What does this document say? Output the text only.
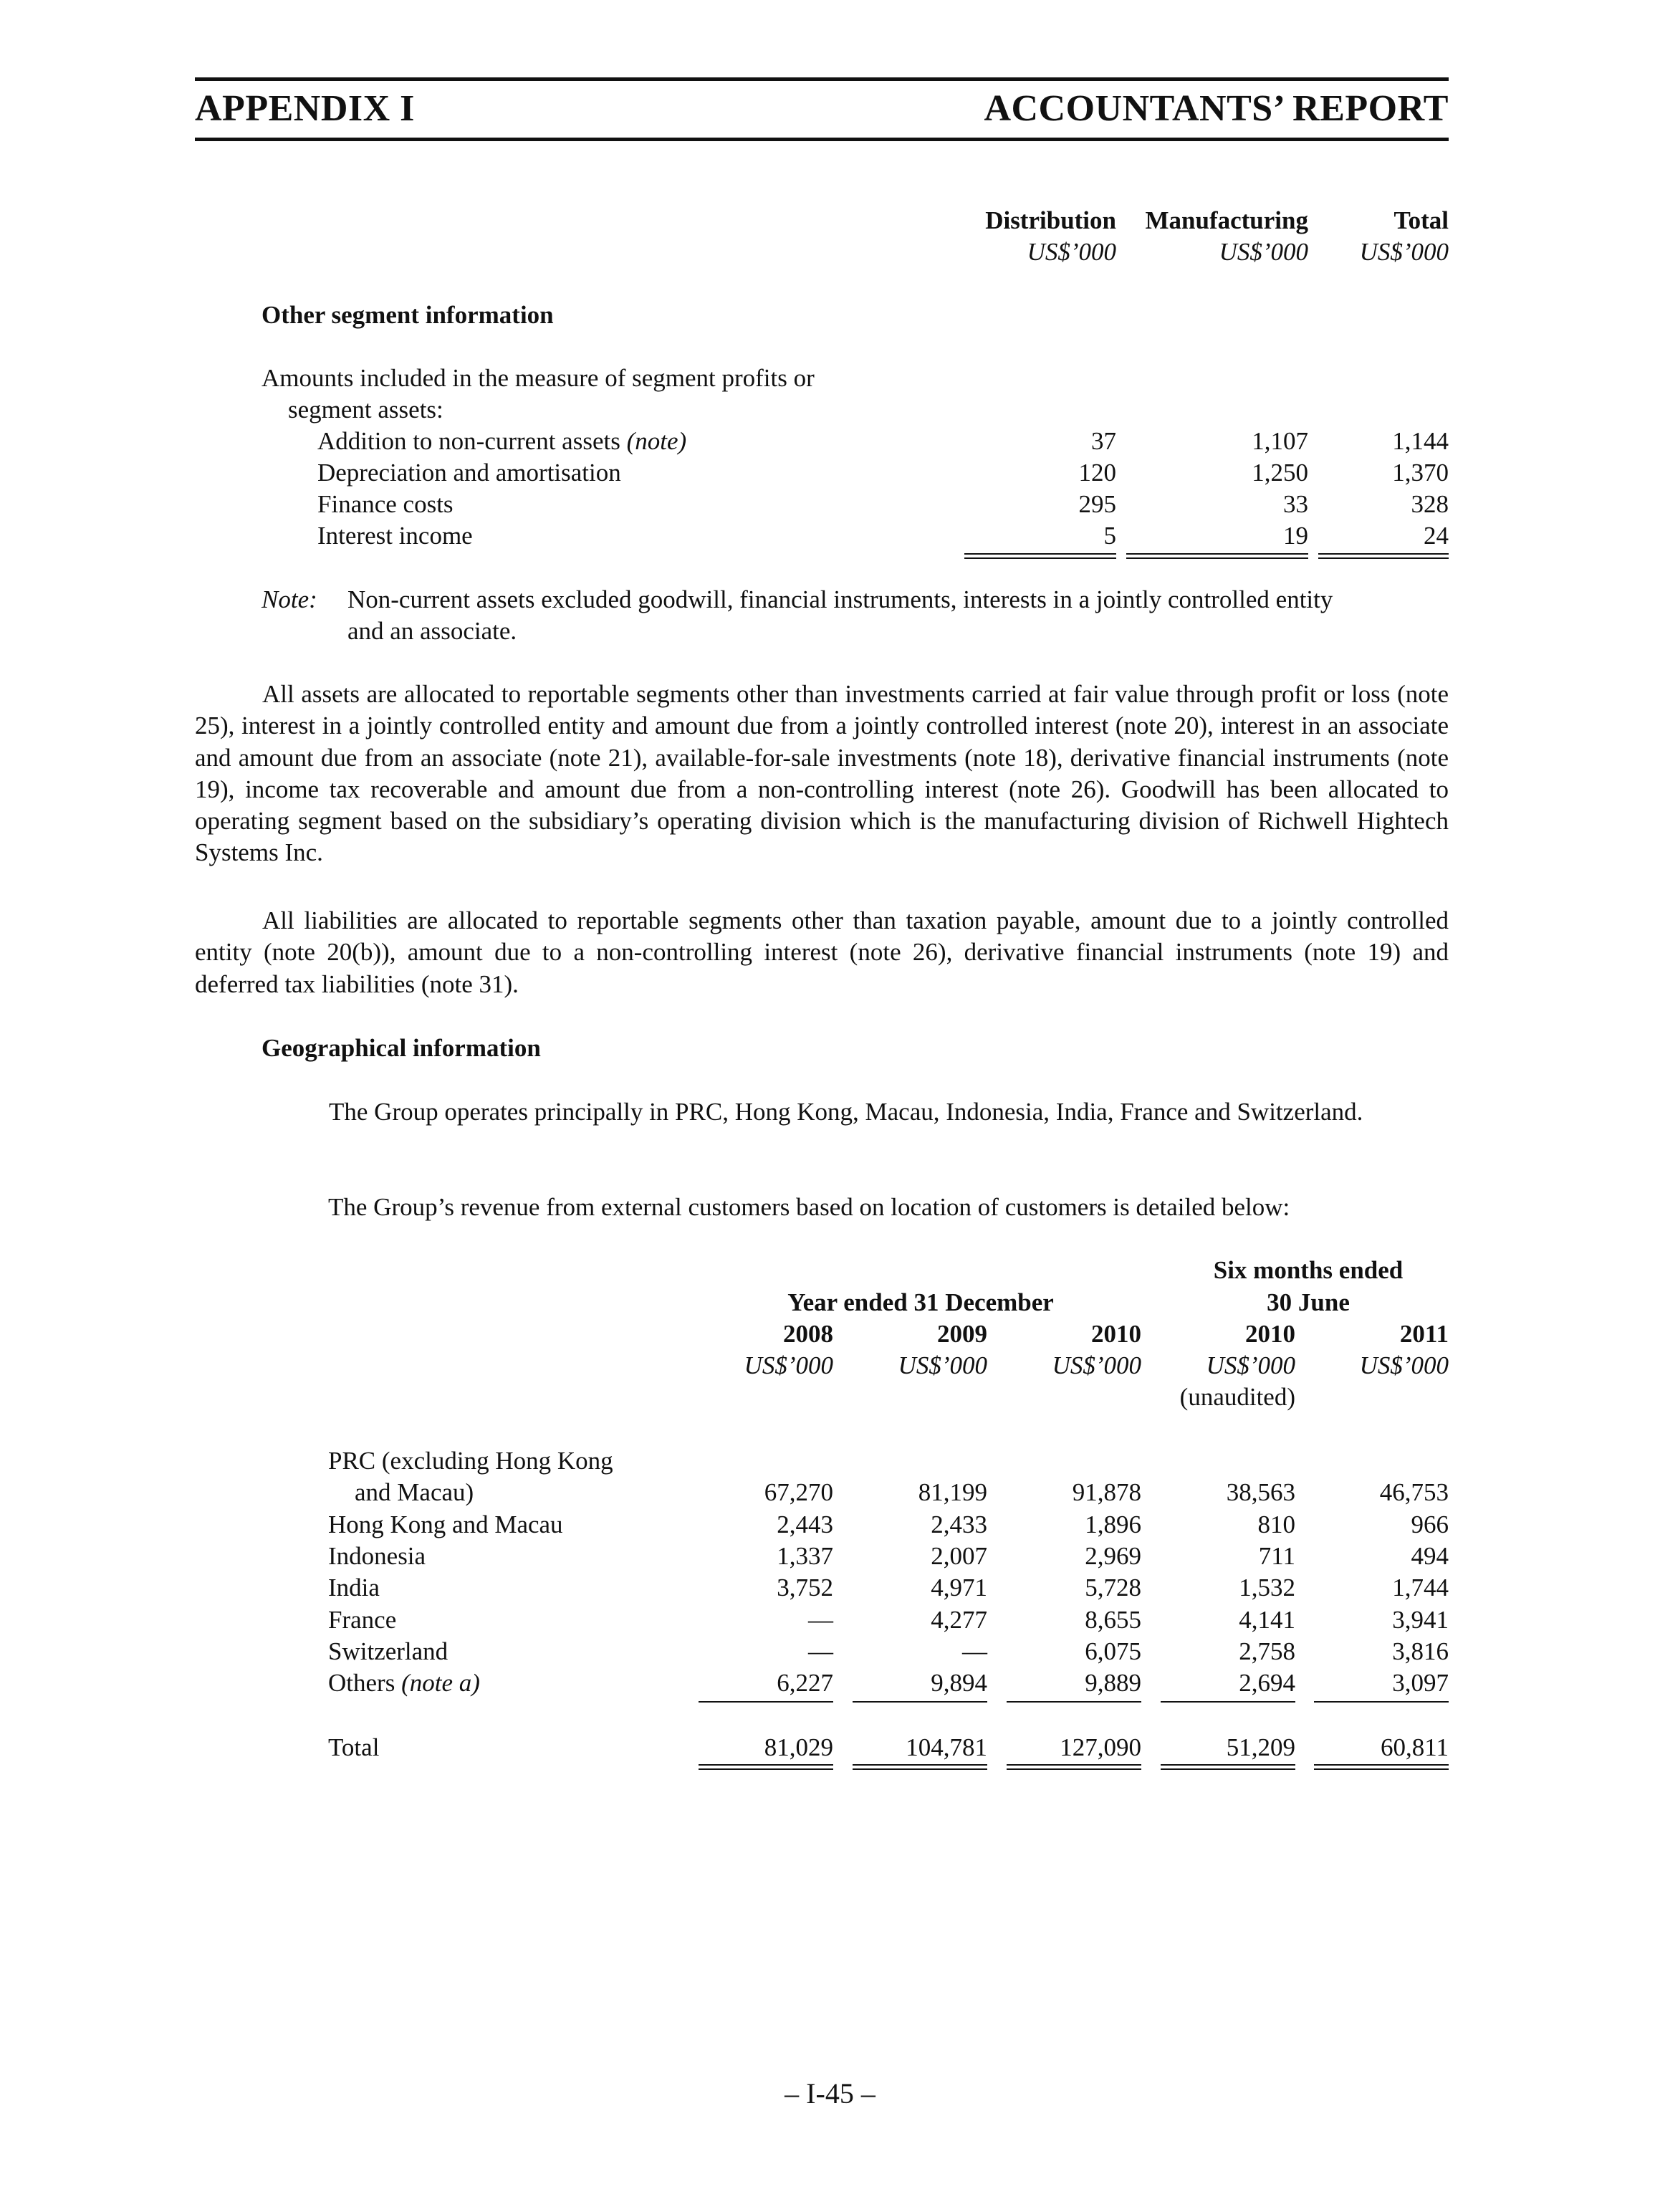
APPENDIX I	ACCOUNTANTS’ REPORT
Distribution	Manufacturing	Total
US$’000	US$’000	US$’000
Other segment information
Amounts included in the measure of segment profits or
segment assets:
Addition to non-current assets (note)	37	1,107	1,144
Depreciation and amortisation	120	1,250	1,370
Finance costs	295	33	328
Interest income	5	19	24
Note: Non-current assets excluded goodwill, financial instruments, interests in a jointly controlled entity
and an associate.
All assets are allocated to reportable segments other than investments carried at fair value through profit or loss (note 25), interest in a jointly controlled entity and amount due from a jointly controlled interest (note 20), interest in an associate and amount due from an associate (note 21), available-for-sale investments (note 18), derivative financial instruments (note 19), income tax recoverable and amount due from a non-controlling interest (note 26). Goodwill has been allocated to operating segment based on the subsidiary’s operating division which is the manufacturing division of Richwell Hightech Systems Inc.
All liabilities are allocated to reportable segments other than taxation payable, amount due to a jointly controlled entity (note 20(b)), amount due to a non-controlling interest (note 26), derivative financial instruments (note 19) and deferred tax liabilities (note 31).
Geographical information
The Group operates principally in PRC, Hong Kong, Macau, Indonesia, India, France and Switzerland.
The Group’s revenue from external customers based on location of customers is detailed below:
Six months ended
Year ended 31 December	30 June
2008	2009	2010	2010	2011
US$’000	US$’000	US$’000	US$’000	US$’000
(unaudited)
PRC (excluding Hong Kong
and Macau)	67,270	81,199	91,878	38,563	46,753
Hong Kong and Macau	2,443	2,433	1,896	810	966
Indonesia	1,337	2,007	2,969	711	494
India	3,752	4,971	5,728	1,532	1,744
France	—	4,277	8,655	4,141	3,941
Switzerland	—	—	6,075	2,758	3,816
Others (note a)	6,227	9,894	9,889	2,694	3,097
Total	81,029	104,781	127,090	51,209	60,811
– I-45 –
